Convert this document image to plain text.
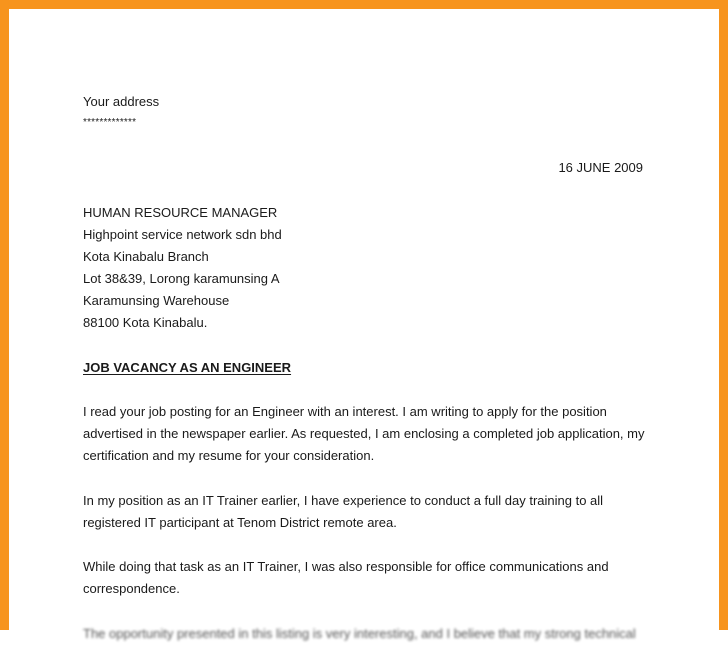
Your address
*************
16 JUNE 2009
HUMAN RESOURCE MANAGER
Highpoint service network sdn bhd
Kota Kinabalu Branch
Lot 38&39, Lorong karamunsing A
Karamunsing Warehouse
88100 Kota Kinabalu.
JOB VACANCY AS AN ENGINEER
I read your job posting for an Engineer with an interest. I am writing to apply for the position advertised in the newspaper earlier. As requested, I am enclosing a completed job application, my certification and my resume for your consideration.
In my position as an IT Trainer earlier, I have experience to conduct a full day training to all registered IT participant at Tenom District remote area.
While doing that task as an IT Trainer, I was also responsible for office communications and correspondence.
The opportunity presented in this listing is very interesting, and I believe that my strong technical
